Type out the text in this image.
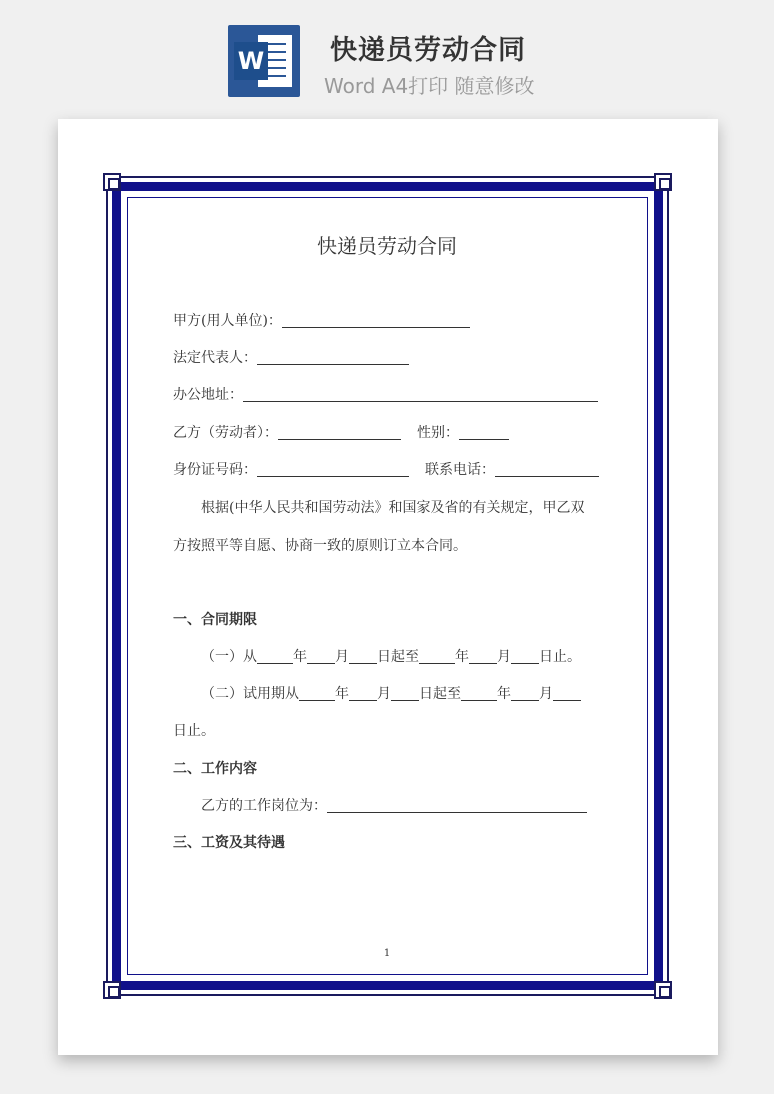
W 快递员劳动合同
Word A4打印 随意修改
快递员劳动合同
甲方(用人单位)：
法定代表人：
办公地址：
乙方（劳动者）：	性别：
身份证号码：	联系电话：
根据(中华人民共和国劳动法》和国家及省的有关规定，甲乙双
方按照平等自愿、协商一致的原则订立本合同。
一、合同期限
（一）从	年 月 日起至	年 月 日止。
（二）试用期从	年 月 日起至	年 月
日止。
二、工作内容
乙方的工作岗位为：
三、工资及其待遇
1
